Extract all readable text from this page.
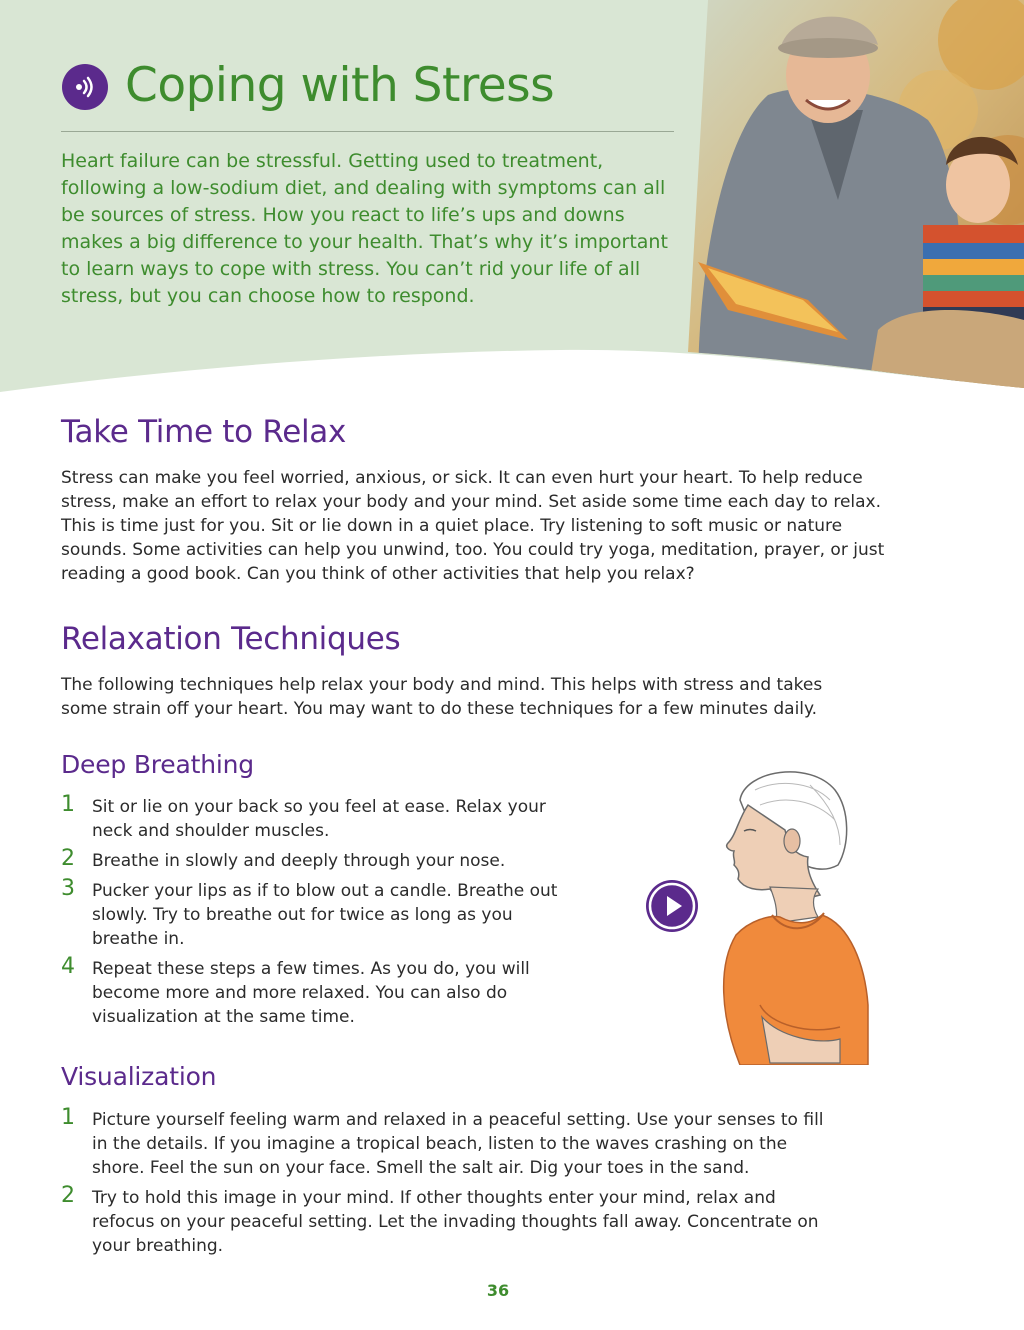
Coping with Stress

Heart failure can be stressful. Getting used to treatment, following a low-sodium diet, and dealing with symptoms can all be sources of stress. How you react to life’s ups and downs makes a big difference to your health. That’s why it’s important to learn ways to cope with stress. You can’t rid your life of all stress, but you can choose how to respond.

Take Time to Relax

Stress can make you feel worried, anxious, or sick. It can even hurt your heart. To help reduce stress, make an effort to relax your body and your mind. Set aside some time each day to relax. This is time just for you. Sit or lie down in a quiet place. Try listening to soft music or nature sounds. Some activities can help you unwind, too. You could try yoga, meditation, prayer, or just reading a good book. Can you think of other activities that help you relax?

Relaxation Techniques

The following techniques help relax your body and mind. This helps with stress and takes some strain off your heart. You may want to do these techniques for a few minutes daily.

Deep Breathing
1 Sit or lie on your back so you feel at ease. Relax your neck and shoulder muscles.
2 Breathe in slowly and deeply through your nose.
3 Pucker your lips as if to blow out a candle. Breathe out slowly. Try to breathe out for twice as long as you breathe in.
4 Repeat these steps a few times. As you do, you will become more and more relaxed. You can also do visualization at the same time.
Visualization
1 Picture yourself feeling warm and relaxed in a peaceful setting. Use your senses to fill in the details. If you imagine a tropical beach, listen to the waves crashing on the shore. Feel the sun on your face. Smell the salt air. Dig your toes in the sand.
2 Try to hold this image in your mind. If other thoughts enter your mind, relax and refocus on your peaceful setting. Let the invading thoughts fall away. Concentrate on your breathing.
36
